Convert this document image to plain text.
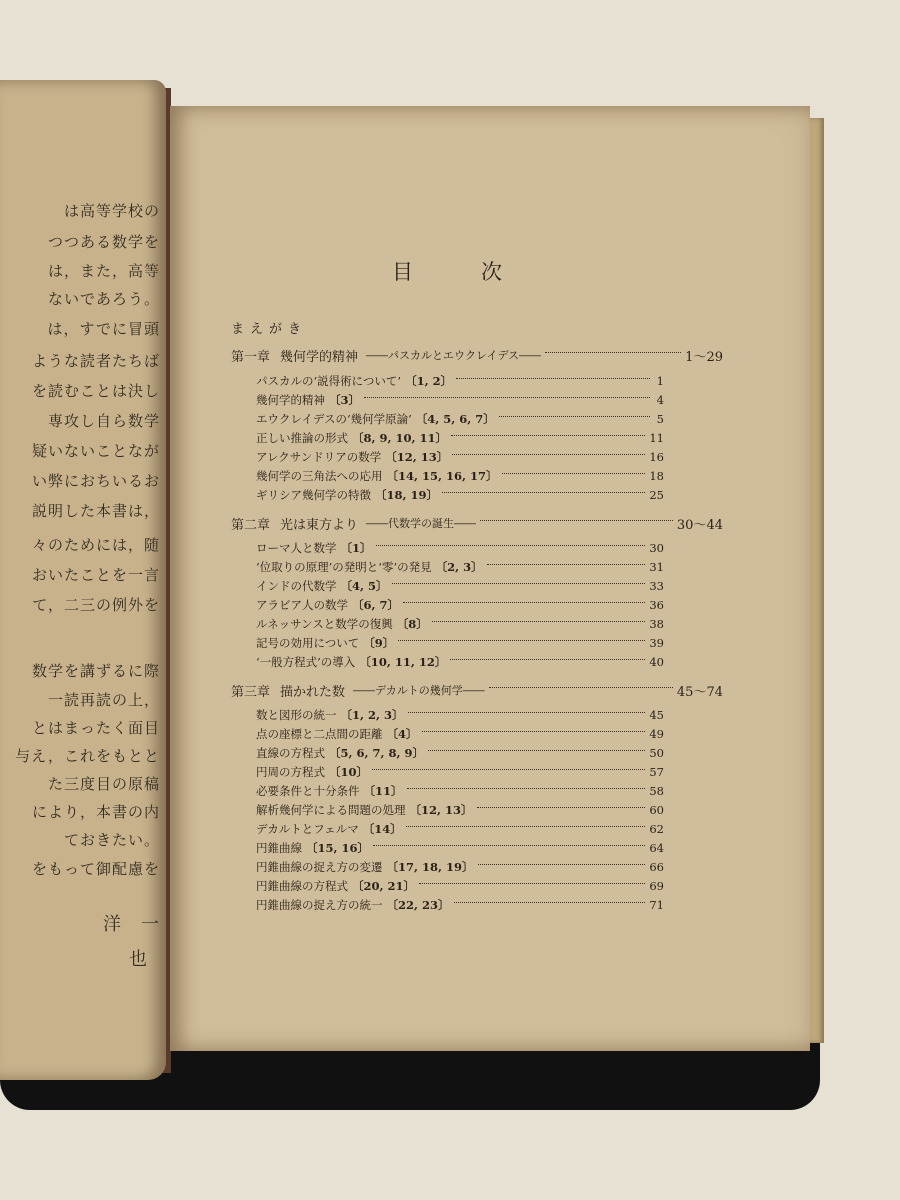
は高等学校の
つつある数学を
は，また，高等
ないであろう。
は，すでに冒頭
ような読者たちば
を読むことは決し
専攻し自ら数学
疑いないことなが
い弊におちいるお
説明した本書は，
々のためには，随
おいたことを一言
て，二三の例外を
数学を講ずるに際
一読再読の上，
とはまったく面目
与え，これをもとと
た三度目の原稿
により，本書の内
ておきたい。
をもって御配慮を
洋　一
也
目次
まえがき
第一章 幾何学的精神 ――パスカルとエウクレイデス――	1～29
パスカルの‘説得術について’ 〔1, 2〕	1
幾何学的精神 〔3〕	4
エウクレイデスの‘幾何学原論’ 〔4, 5, 6, 7〕	5
正しい推論の形式 〔8, 9, 10, 11〕	11
アレクサンドリアの数学 〔12, 13〕	16
幾何学の三角法への応用 〔14, 15, 16, 17〕	18
ギリシア幾何学の特徴 〔18, 19〕	25
第二章 光は東方より ――代数学の誕生――	30～44
ローマ人と数学 〔1〕	30
‘位取りの原理’の発明と‘零’の発見 〔2, 3〕	31
インドの代数学 〔4, 5〕	33
アラビア人の数学 〔6, 7〕	36
ルネッサンスと数学の復興 〔8〕	38
記号の効用について 〔9〕	39
‘一般方程式’の導入 〔10, 11, 12〕	40
第三章 描かれた数 ――デカルトの幾何学――	45～74
数と図形の統一 〔1, 2, 3〕	45
点の座標と二点間の距離 〔4〕	49
直線の方程式 〔5, 6, 7, 8, 9〕	50
円周の方程式 〔10〕	57
必要条件と十分条件 〔11〕	58
解析幾何学による問題の処理 〔12, 13〕	60
デカルトとフェルマ 〔14〕	62
円錐曲線 〔15, 16〕	64
円錐曲線の捉え方の変遷 〔17, 18, 19〕	66
円錐曲線の方程式 〔20, 21〕	69
円錐曲線の捉え方の統一 〔22, 23〕	71
